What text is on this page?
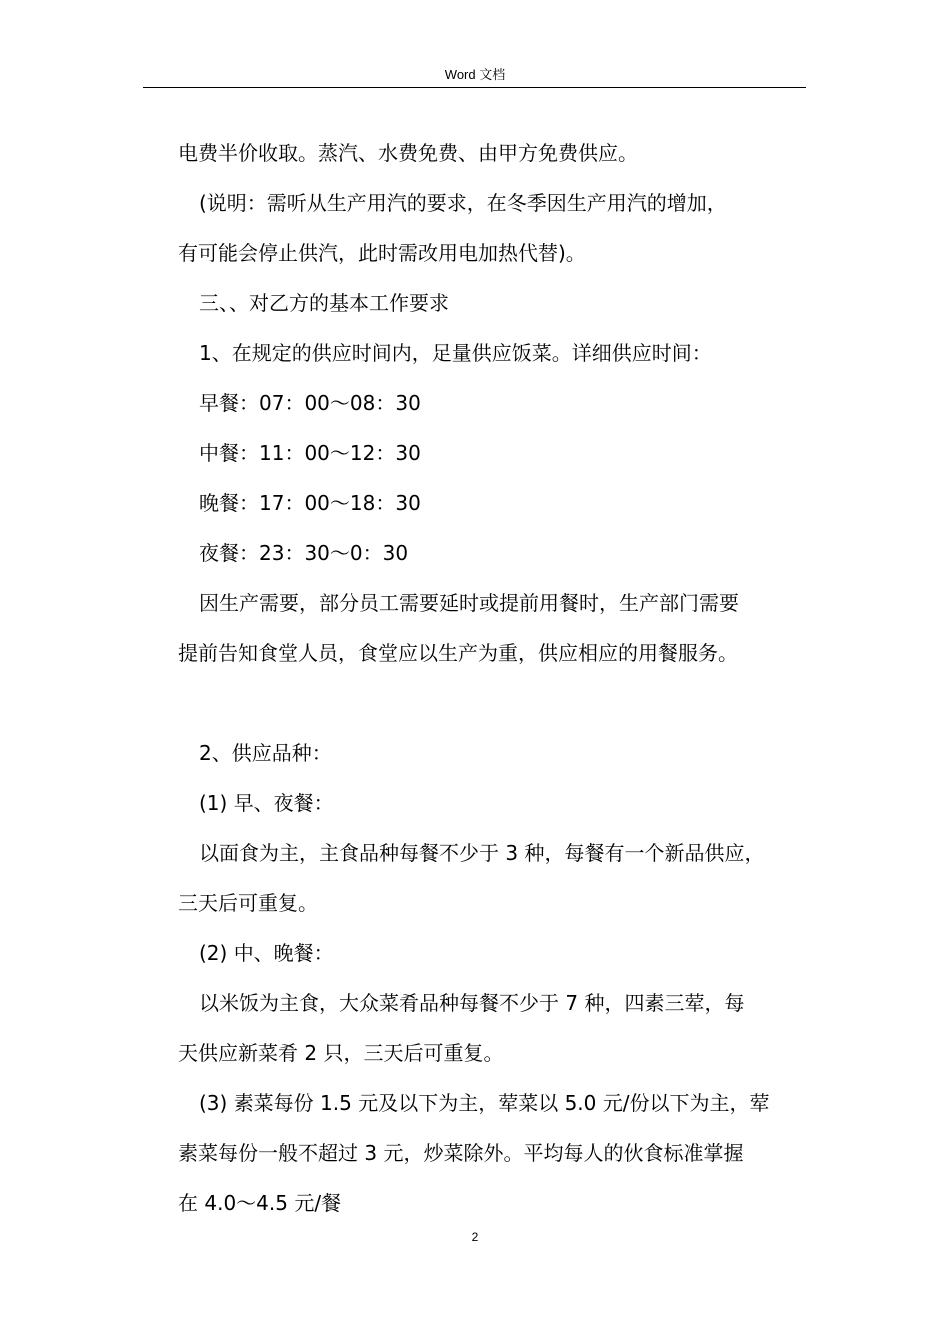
Word 文档
电费半价收取。蒸汽、水费免费、由甲方免费供应。
(说明：需听从生产用汽的要求，在冬季因生产用汽的增加，
有可能会停止供汽，此时需改用电加热代替)。
三、、对乙方的基本工作要求
1、在规定的供应时间内，足量供应饭菜。详细供应时间：
早餐：07：00～08：30
中餐：11：00～12：30
晚餐：17：00～18：30
夜餐：23：30～0：30
因生产需要，部分员工需要延时或提前用餐时，生产部门需要
提前告知食堂人员，食堂应以生产为重，供应相应的用餐服务。
2、供应品种：
(1) 早、夜餐：
以面食为主，主食品种每餐不少于 3 种，每餐有一个新品供应，
三天后可重复。
(2) 中、晚餐：
以米饭为主食，大众菜肴品种每餐不少于 7 种，四素三荤，每
天供应新菜肴 2 只，三天后可重复。
(3) 素菜每份 1.5 元及以下为主，荤菜以 5.0 元/份以下为主，荤
素菜每份一般不超过 3 元，炒菜除外。平均每人的伙食标准掌握
在 4.0～4.5 元/餐
2
